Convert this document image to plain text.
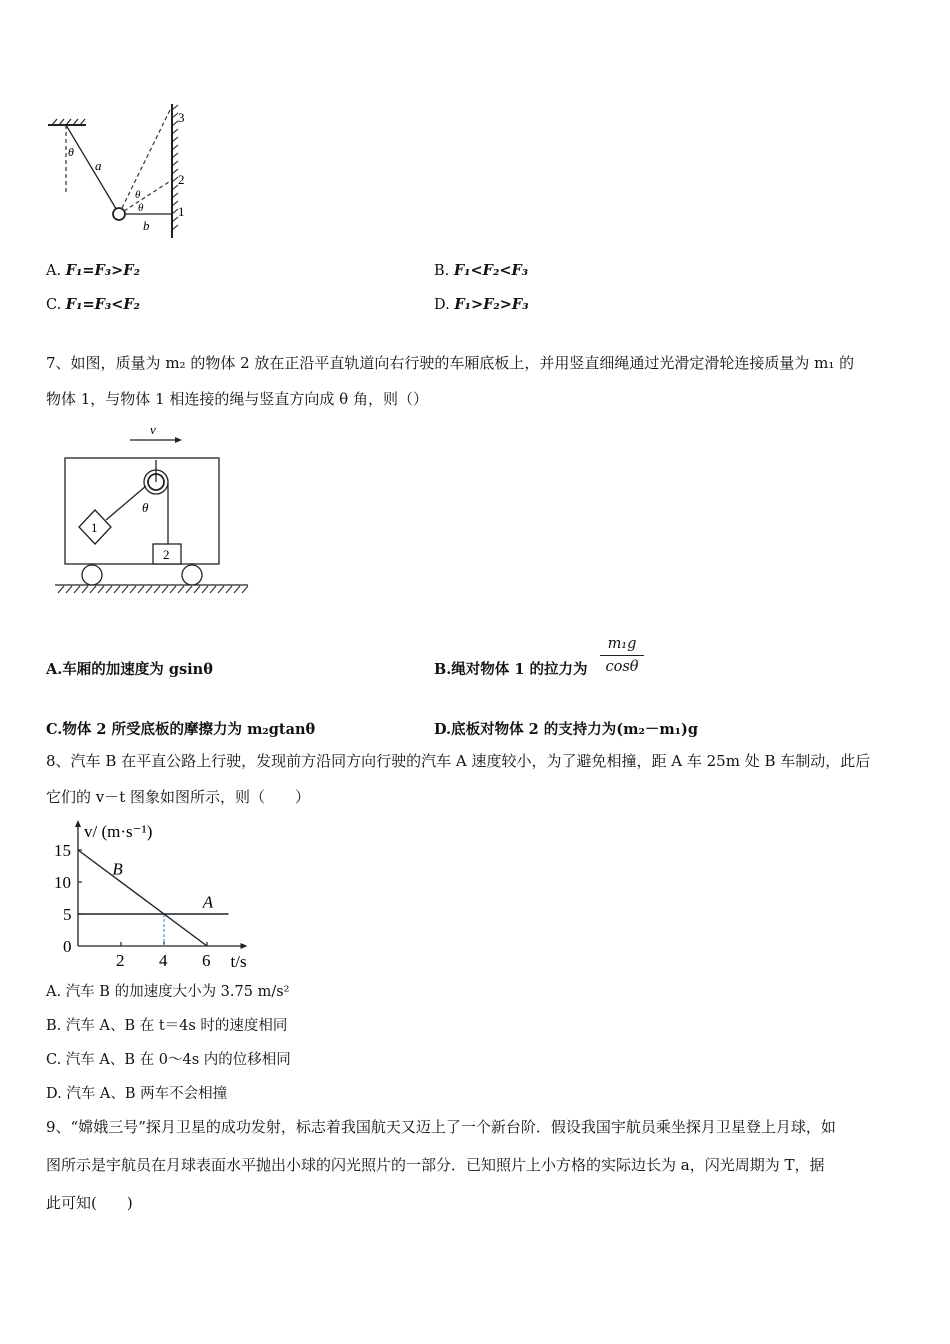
θ
a
θ
θ
b
1
2
3
A. F₁=F₃>F₂	B. F₁<F₂<F₃
C. F₁=F₃<F₂	D. F₁>F₂>F₃
7、如图，质量为 m₂ 的物体 2 放在正沿平直轨道向右行驶的车厢底板上，并用竖直细绳通过光滑定滑轮连接质量为 m₁ 的
物体 1，与物体 1 相连接的绳与竖直方向成 θ 角，则（）
v
θ
1
2
A.车厢的加速度为 gsinθ	B.绳对物体 1 的拉力为
m₁g
cosθ
C.物体 2 所受底板的摩擦力为 m₂gtanθ	D.底板对物体 2 的支持力为(m₂－m₁)g
8、汽车 B 在平直公路上行驶，发现前方沿同方向行驶的汽车 A 速度较小，为了避免相撞，距 A 车 25m 处 B 车制动，此后
它们的 v－t 图象如图所示，则（　　）
v/ (m·s⁻¹)
t/s
2 4 6
0
5
10
15
B
A
A. 汽车 B 的加速度大小为 3.75 m/s²
B. 汽车 A、B 在 t＝4s 时的速度相同
C. 汽车 A、B 在 0～4s 内的位移相同
D. 汽车 A、B 两车不会相撞
9、“嫦娥三号”探月卫星的成功发射，标志着我国航天又迈上了一个新台阶．假设我国宇航员乘坐探月卫星登上月球，如
图所示是宇航员在月球表面水平抛出小球的闪光照片的一部分．已知照片上小方格的实际边长为 a，闪光周期为 T，据
此可知(　　)
